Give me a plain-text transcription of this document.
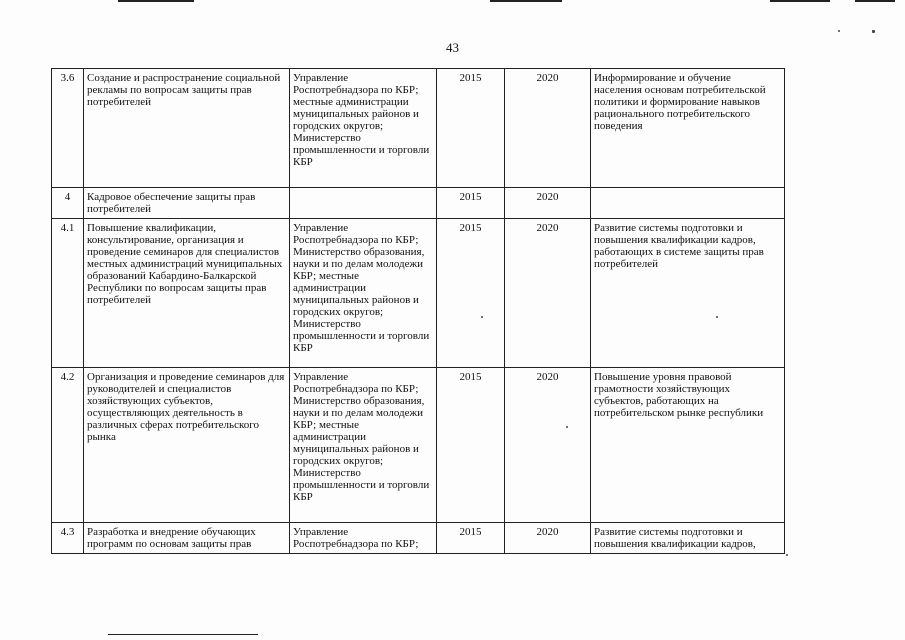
43
3.6	Создание и распространение социальной рекламы по вопросам защиты прав потребителей	Управление Роспотребнадзора по КБР; местные администрации муниципальных районов и городских округов; Министерство промышленности и торговли КБР	2015	2020	Информирование и обучение населения основам потребительской политики и формирование навыков рационального потребительского поведения
4	Кадровое обеспечение защиты прав потребителей		2015	2020	
4.1	Повышение квалификации, консультирование, организация и проведение семинаров для специалистов местных администраций муниципальных образований Кабардино-Балкарской Республики по вопросам защиты прав потребителей	Управление Роспотребнадзора по КБР; Министерство образования, науки и по делам молодежи КБР; местные администрации муниципальных районов и городских округов; Министерство промышленности и торговли КБР	2015	2020	Развитие системы подготовки и повышения квалификации кадров, работающих в системе защиты прав потребителей
4.2	Организация и проведение семинаров для руководителей и специалистов хозяйствующих субъектов, осуществляющих деятельность в различных сферах потребительского рынка	Управление Роспотребнадзора по КБР; Министерство образования, науки и по делам молодежи КБР; местные администрации муниципальных районов и городских округов; Министерство промышленности и торговли КБР	2015	2020	Повышение уровня правовой грамотности хозяйствующих субъектов, работающих на потребительском рынке республики
4.3	Разработка и внедрение обучающих программ по основам защиты прав	Управление Роспотребнадзора по КБР;	2015	2020	Развитие системы подготовки и повышения квалификации кадров,
